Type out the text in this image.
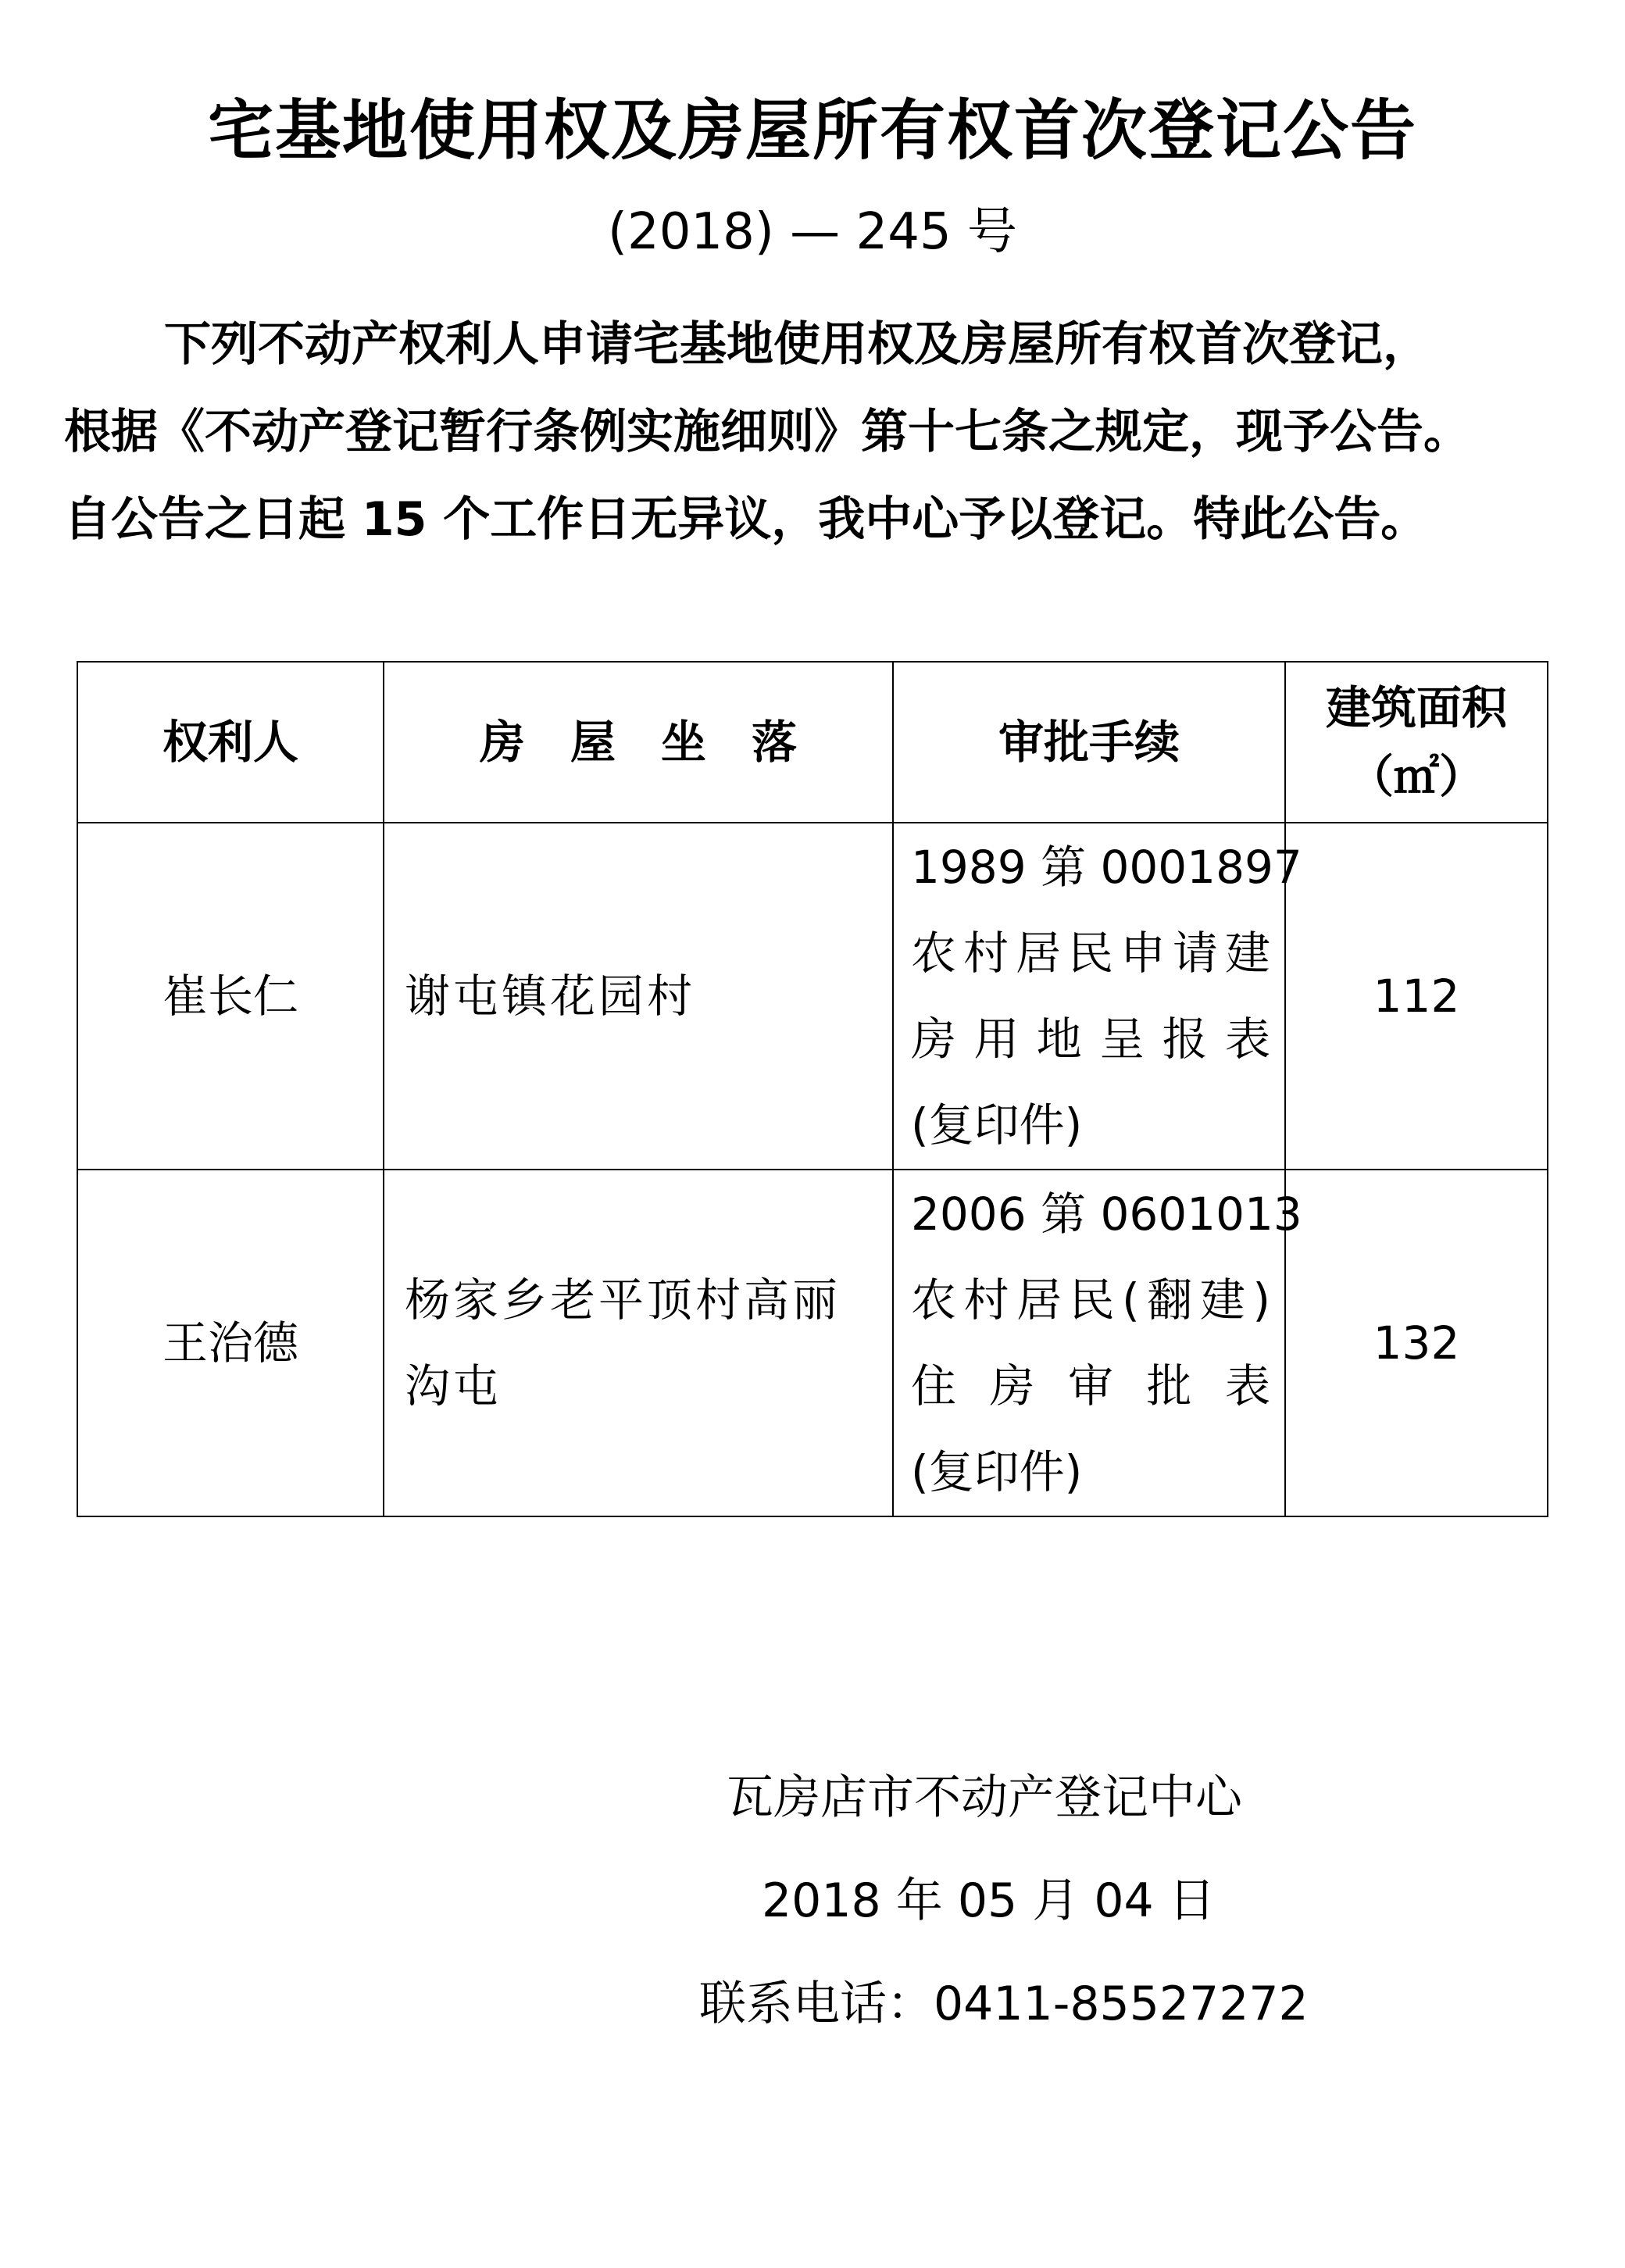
宅基地使用权及房屋所有权首次登记公告
(2018) — 245 号

下列不动产权利人申请宅基地使用权及房屋所有权首次登记，
根据《不动产登记暂行条例实施细则》第十七条之规定，现予公告。
自公告之日起 15 个工作日无异议，我中心予以登记。特此公告。

权利人	房　屋　坐　落	审批手续	建筑面积
（㎡）

崔长仁	谢屯镇花园村	1989 第 0001897
农村居民申请建
房用地呈报表
(复印件)	112
王治德	杨家乡老平顶村高丽沟屯	2006 第 0601013
农村居民(翻建)
住房审批表
(复印件)	132
瓦房店市不动产登记中心
2018 年 05 月 04 日
联系电话：0411-85527272
